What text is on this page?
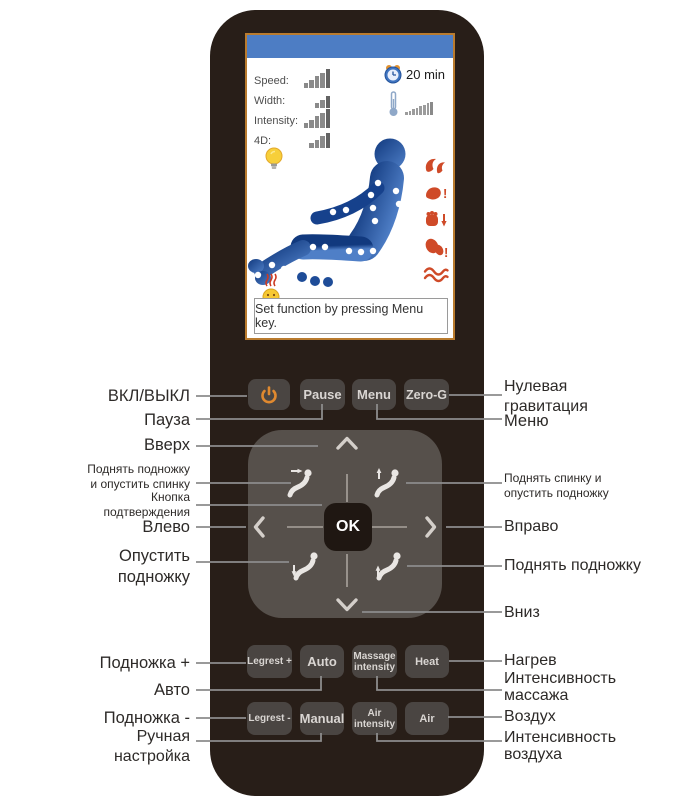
Speed:
Width:
Intensity:
4D:
20 min
!
!
Set function by pressing Menu key.
Pause Menu Zero-G
OK
Legrest + Auto Massage
intensity Heat
Legrest - Manual Air
intensity Air
ВКЛ/ВЫКЛ
Пауза
Вверх
Поднять подножку
и опустить спинку
Кнопка
подтверждения
Влево
Опустить
подножку
Подножка +
Авто
Подножка -
Ручная
настройка
Нулевая
гравитация
Меню
Поднять спинку и
опустить подножку
Вправо
Поднять подножку
Вниз
Нагрев
Интенсивность
массажа
Воздух
Интенсивность
воздуха
